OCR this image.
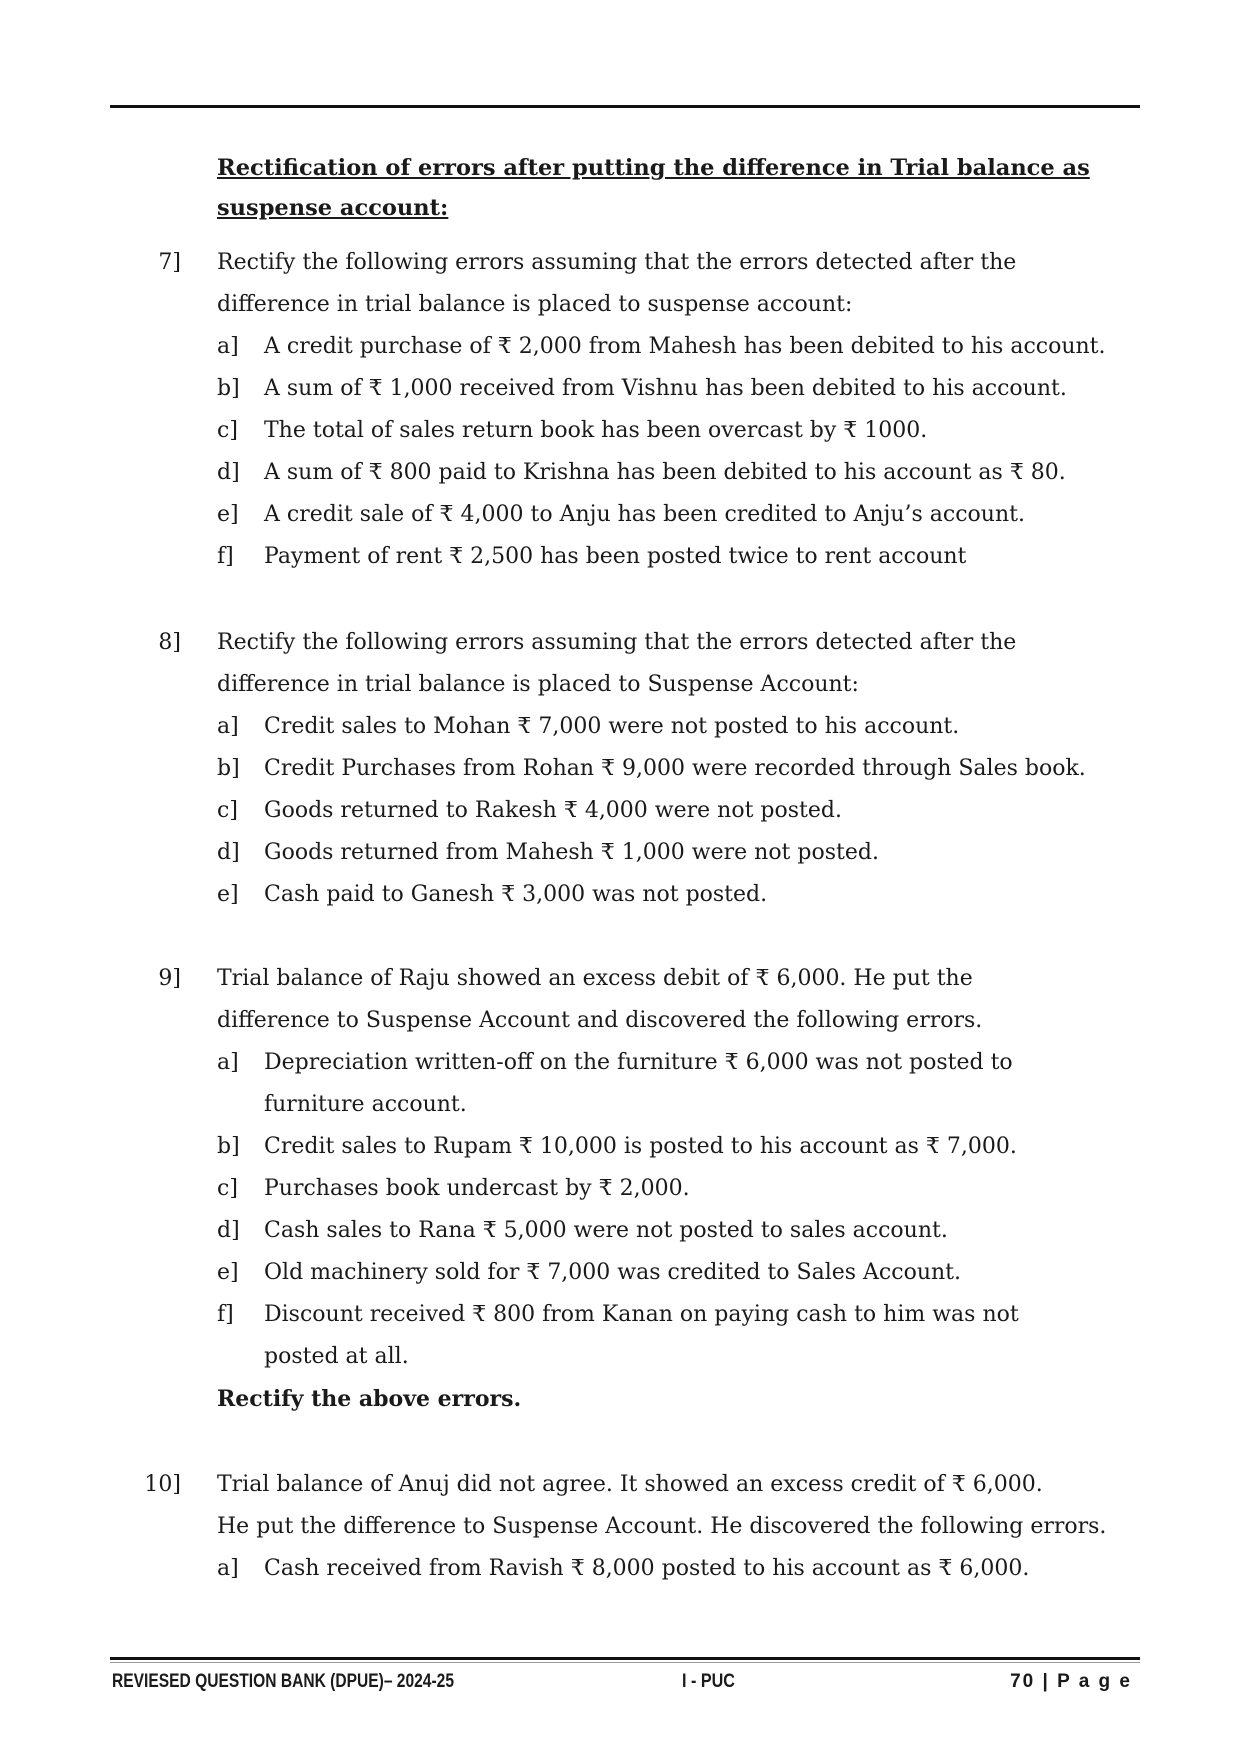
Rectification of errors after putting the difference in Trial balance as
suspense account:
7] Rectify the following errors assuming that the errors detected after the
difference in trial balance is placed to suspense account:
a] A credit purchase of ₹ 2,000 from Mahesh has been debited to his account.
b] A sum of ₹ 1,000 received from Vishnu has been debited to his account.
c] The total of sales return book has been overcast by ₹ 1000.
d] A sum of ₹ 800 paid to Krishna has been debited to his account as ₹ 80.
e] A credit sale of ₹ 4,000 to Anju has been credited to Anju’s account.
f] Payment of rent ₹ 2,500 has been posted twice to rent account
8] Rectify the following errors assuming that the errors detected after the
difference in trial balance is placed to Suspense Account:
a] Credit sales to Mohan ₹ 7,000 were not posted to his account.
b] Credit Purchases from Rohan ₹ 9,000 were recorded through Sales book.
c] Goods returned to Rakesh ₹ 4,000 were not posted.
d] Goods returned from Mahesh ₹ 1,000 were not posted.
e] Cash paid to Ganesh ₹ 3,000 was not posted.
9] Trial balance of Raju showed an excess debit of ₹ 6,000. He put the
difference to Suspense Account and discovered the following errors.
a] Depreciation written-off on the furniture ₹ 6,000 was not posted to
furniture account.
b] Credit sales to Rupam ₹ 10,000 is posted to his account as ₹ 7,000.
c] Purchases book undercast by ₹ 2,000.
d] Cash sales to Rana ₹ 5,000 were not posted to sales account.
e] Old machinery sold for ₹ 7,000 was credited to Sales Account.
f] Discount received ₹ 800 from Kanan on paying cash to him was not
posted at all.
Rectify the above errors.
10] Trial balance of Anuj did not agree. It showed an excess credit of ₹ 6,000.
He put the difference to Suspense Account. He discovered the following errors.
a] Cash received from Ravish ₹ 8,000 posted to his account as ₹ 6,000.
REVIESED QUESTION BANK (DPUE)– 2024-25	I - PUC	70 | P a g e
